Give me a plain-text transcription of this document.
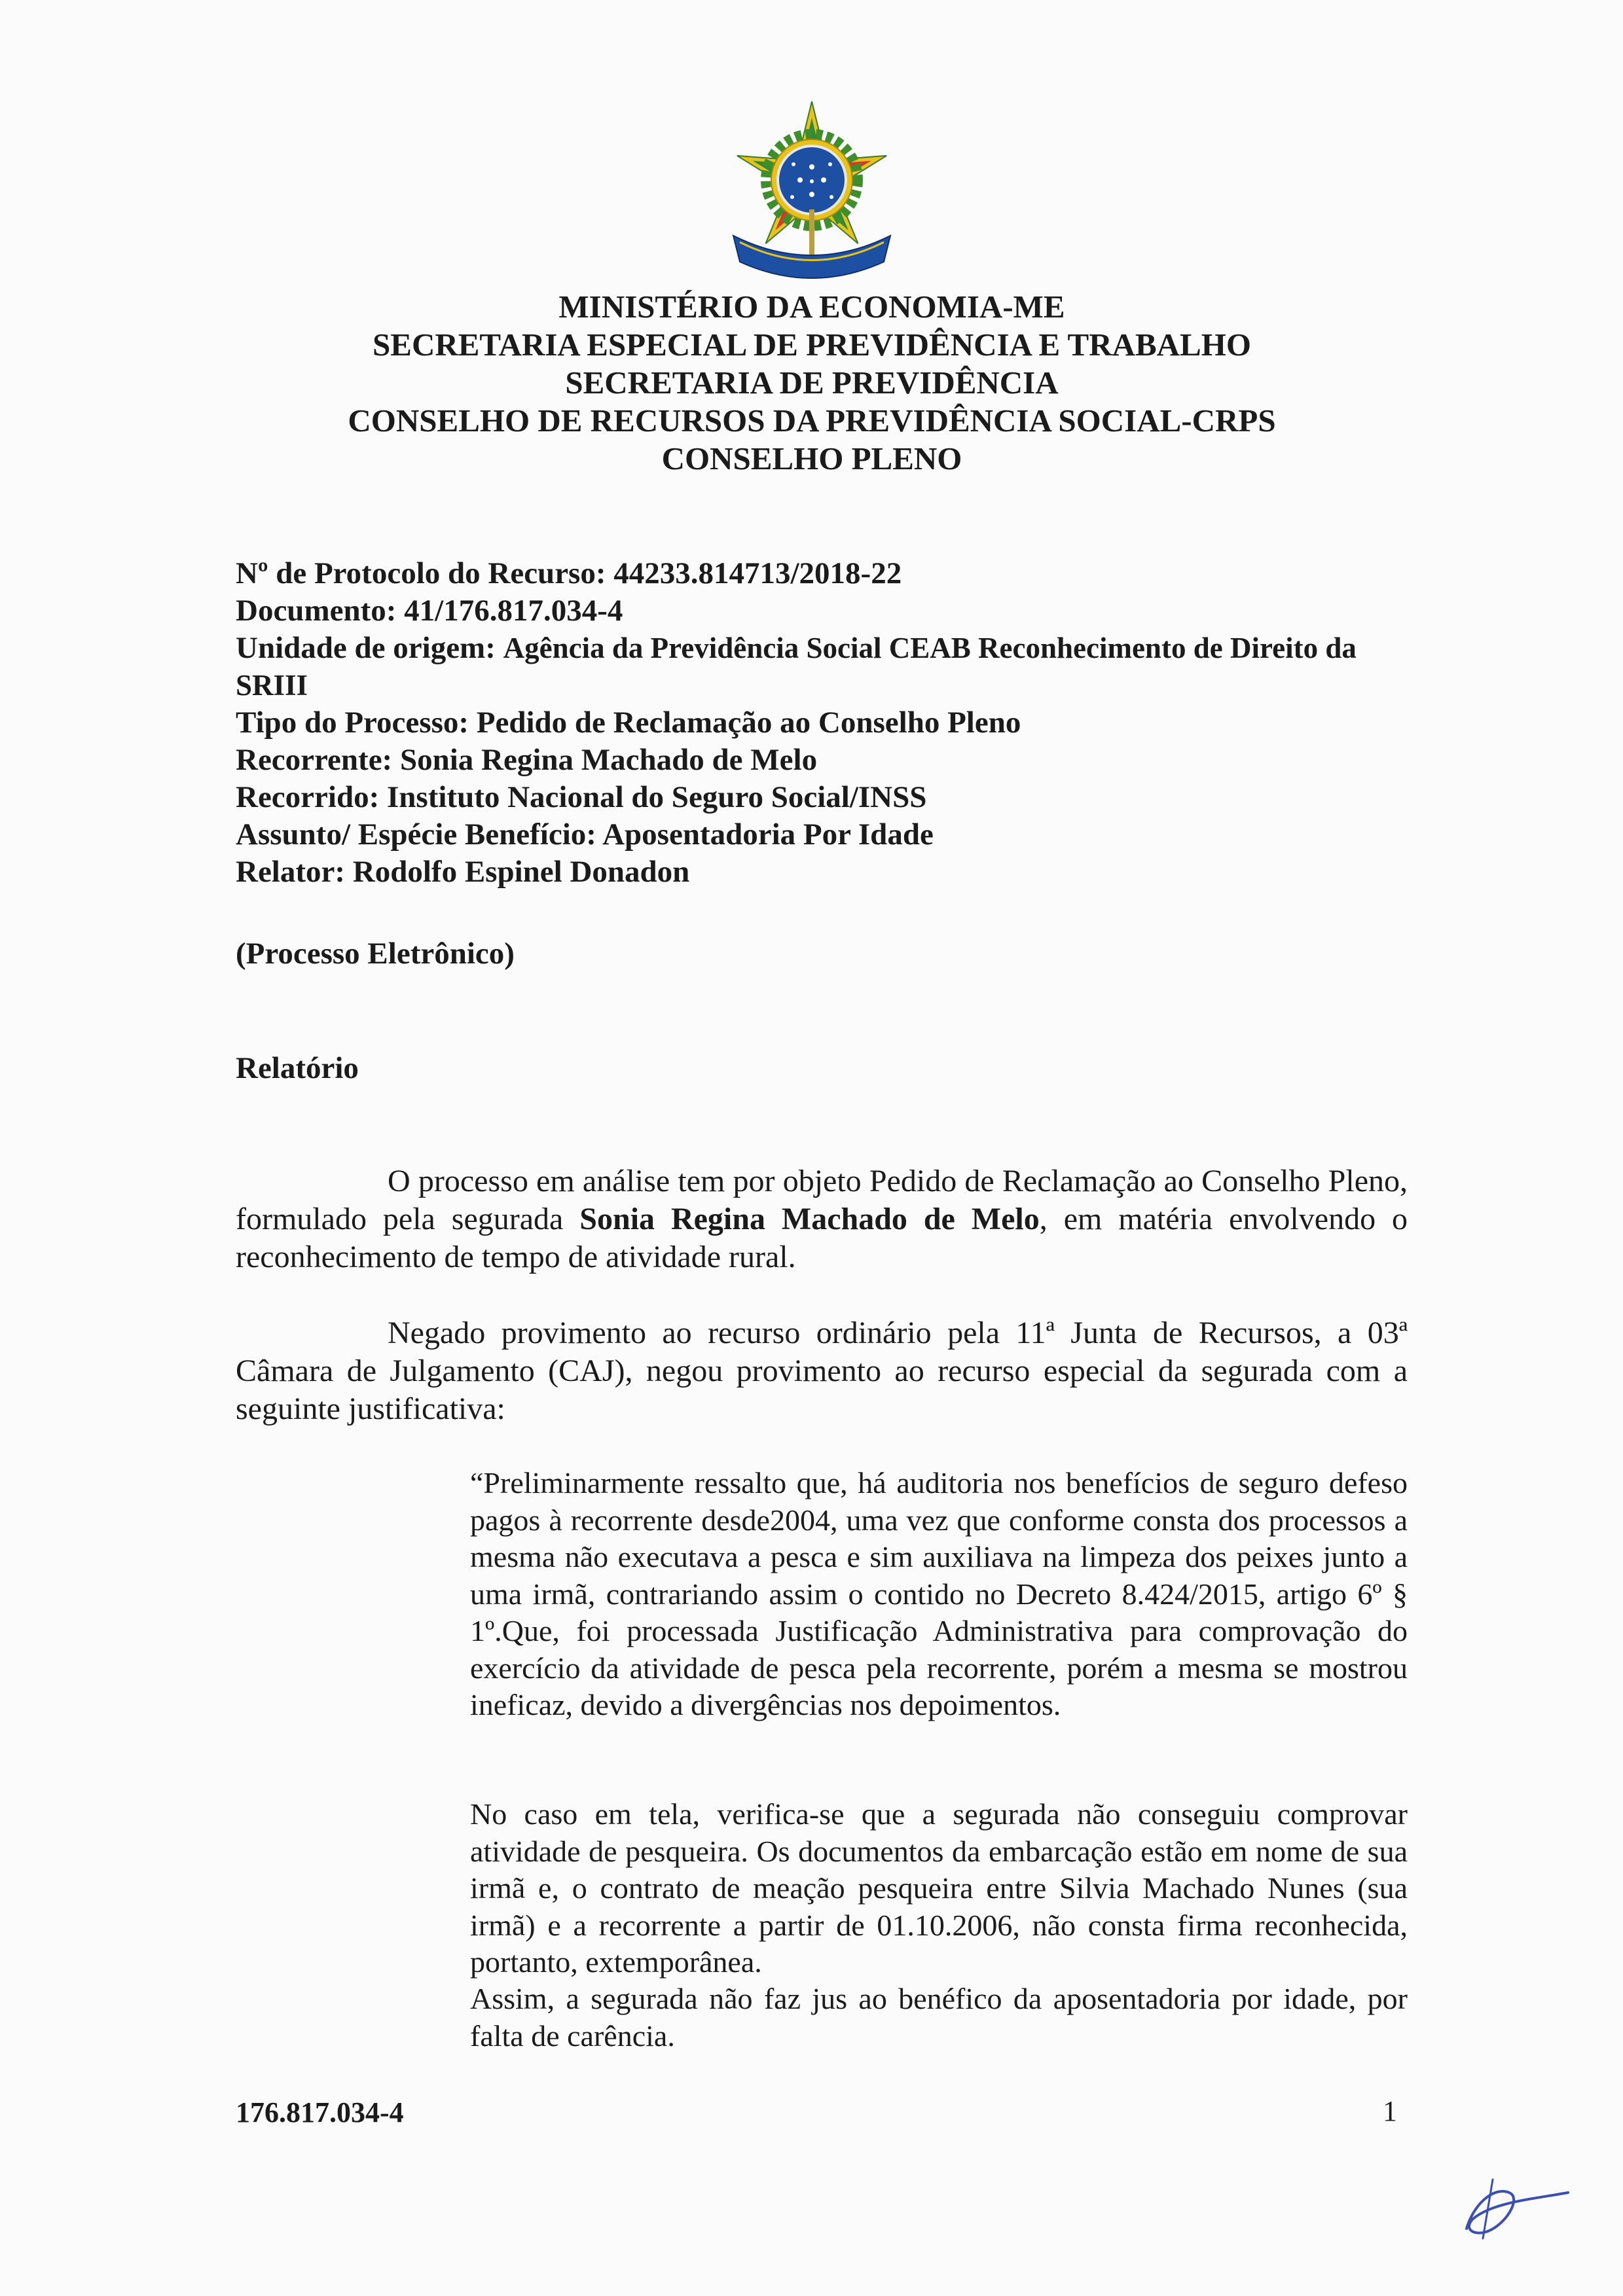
MINISTÉRIO DA ECONOMIA-ME
SECRETARIA ESPECIAL DE PREVIDÊNCIA E TRABALHO
SECRETARIA DE PREVIDÊNCIA
CONSELHO DE RECURSOS DA PREVIDÊNCIA SOCIAL-CRPS
CONSELHO PLENO
Nº de Protocolo do Recurso: 44233.814713/2018-22
Documento: 41/176.817.034-4
Unidade de origem: Agência da Previdência Social CEAB Reconhecimento de Direito da SRIII
Tipo do Processo: Pedido de Reclamação ao Conselho Pleno
Recorrente: Sonia Regina Machado de Melo
Recorrido: Instituto Nacional do Seguro Social/INSS
Assunto/ Espécie Benefício: Aposentadoria Por Idade
Relator: Rodolfo Espinel Donadon
(Processo Eletrônico)
Relatório
O processo em análise tem por objeto Pedido de Reclamação ao Conselho Pleno, formulado pela segurada Sonia Regina Machado de Melo, em matéria envolvendo o reconhecimento de tempo de atividade rural.
Negado provimento ao recurso ordinário pela 11ª Junta de Recursos, a 03ª Câmara de Julgamento (CAJ), negou provimento ao recurso especial da segurada com a seguinte justificativa:
“Preliminarmente ressalto que, há auditoria nos benefícios de seguro defeso pagos à recorrente desde2004, uma vez que conforme consta dos processos a mesma não executava a pesca e sim auxiliava na limpeza dos peixes junto a uma irmã, contrariando assim o contido no Decreto 8.424/2015, artigo 6º § 1º.Que, foi processada Justificação Administrativa para comprovação do exercício da atividade de pesca pela recorrente, porém a mesma se mostrou ineficaz, devido a divergências nos depoimentos.
No caso em tela, verifica-se que a segurada não conseguiu comprovar atividade de pesqueira. Os documentos da embarcação estão em nome de sua irmã e, o contrato de meação pesqueira entre Silvia Machado Nunes (sua irmã) e a recorrente a partir de 01.10.2006, não consta firma reconhecida, portanto, extemporânea.
Assim, a segurada não faz jus ao benéfico da aposentadoria por idade, por falta de carência.
176.817.034-4	1
